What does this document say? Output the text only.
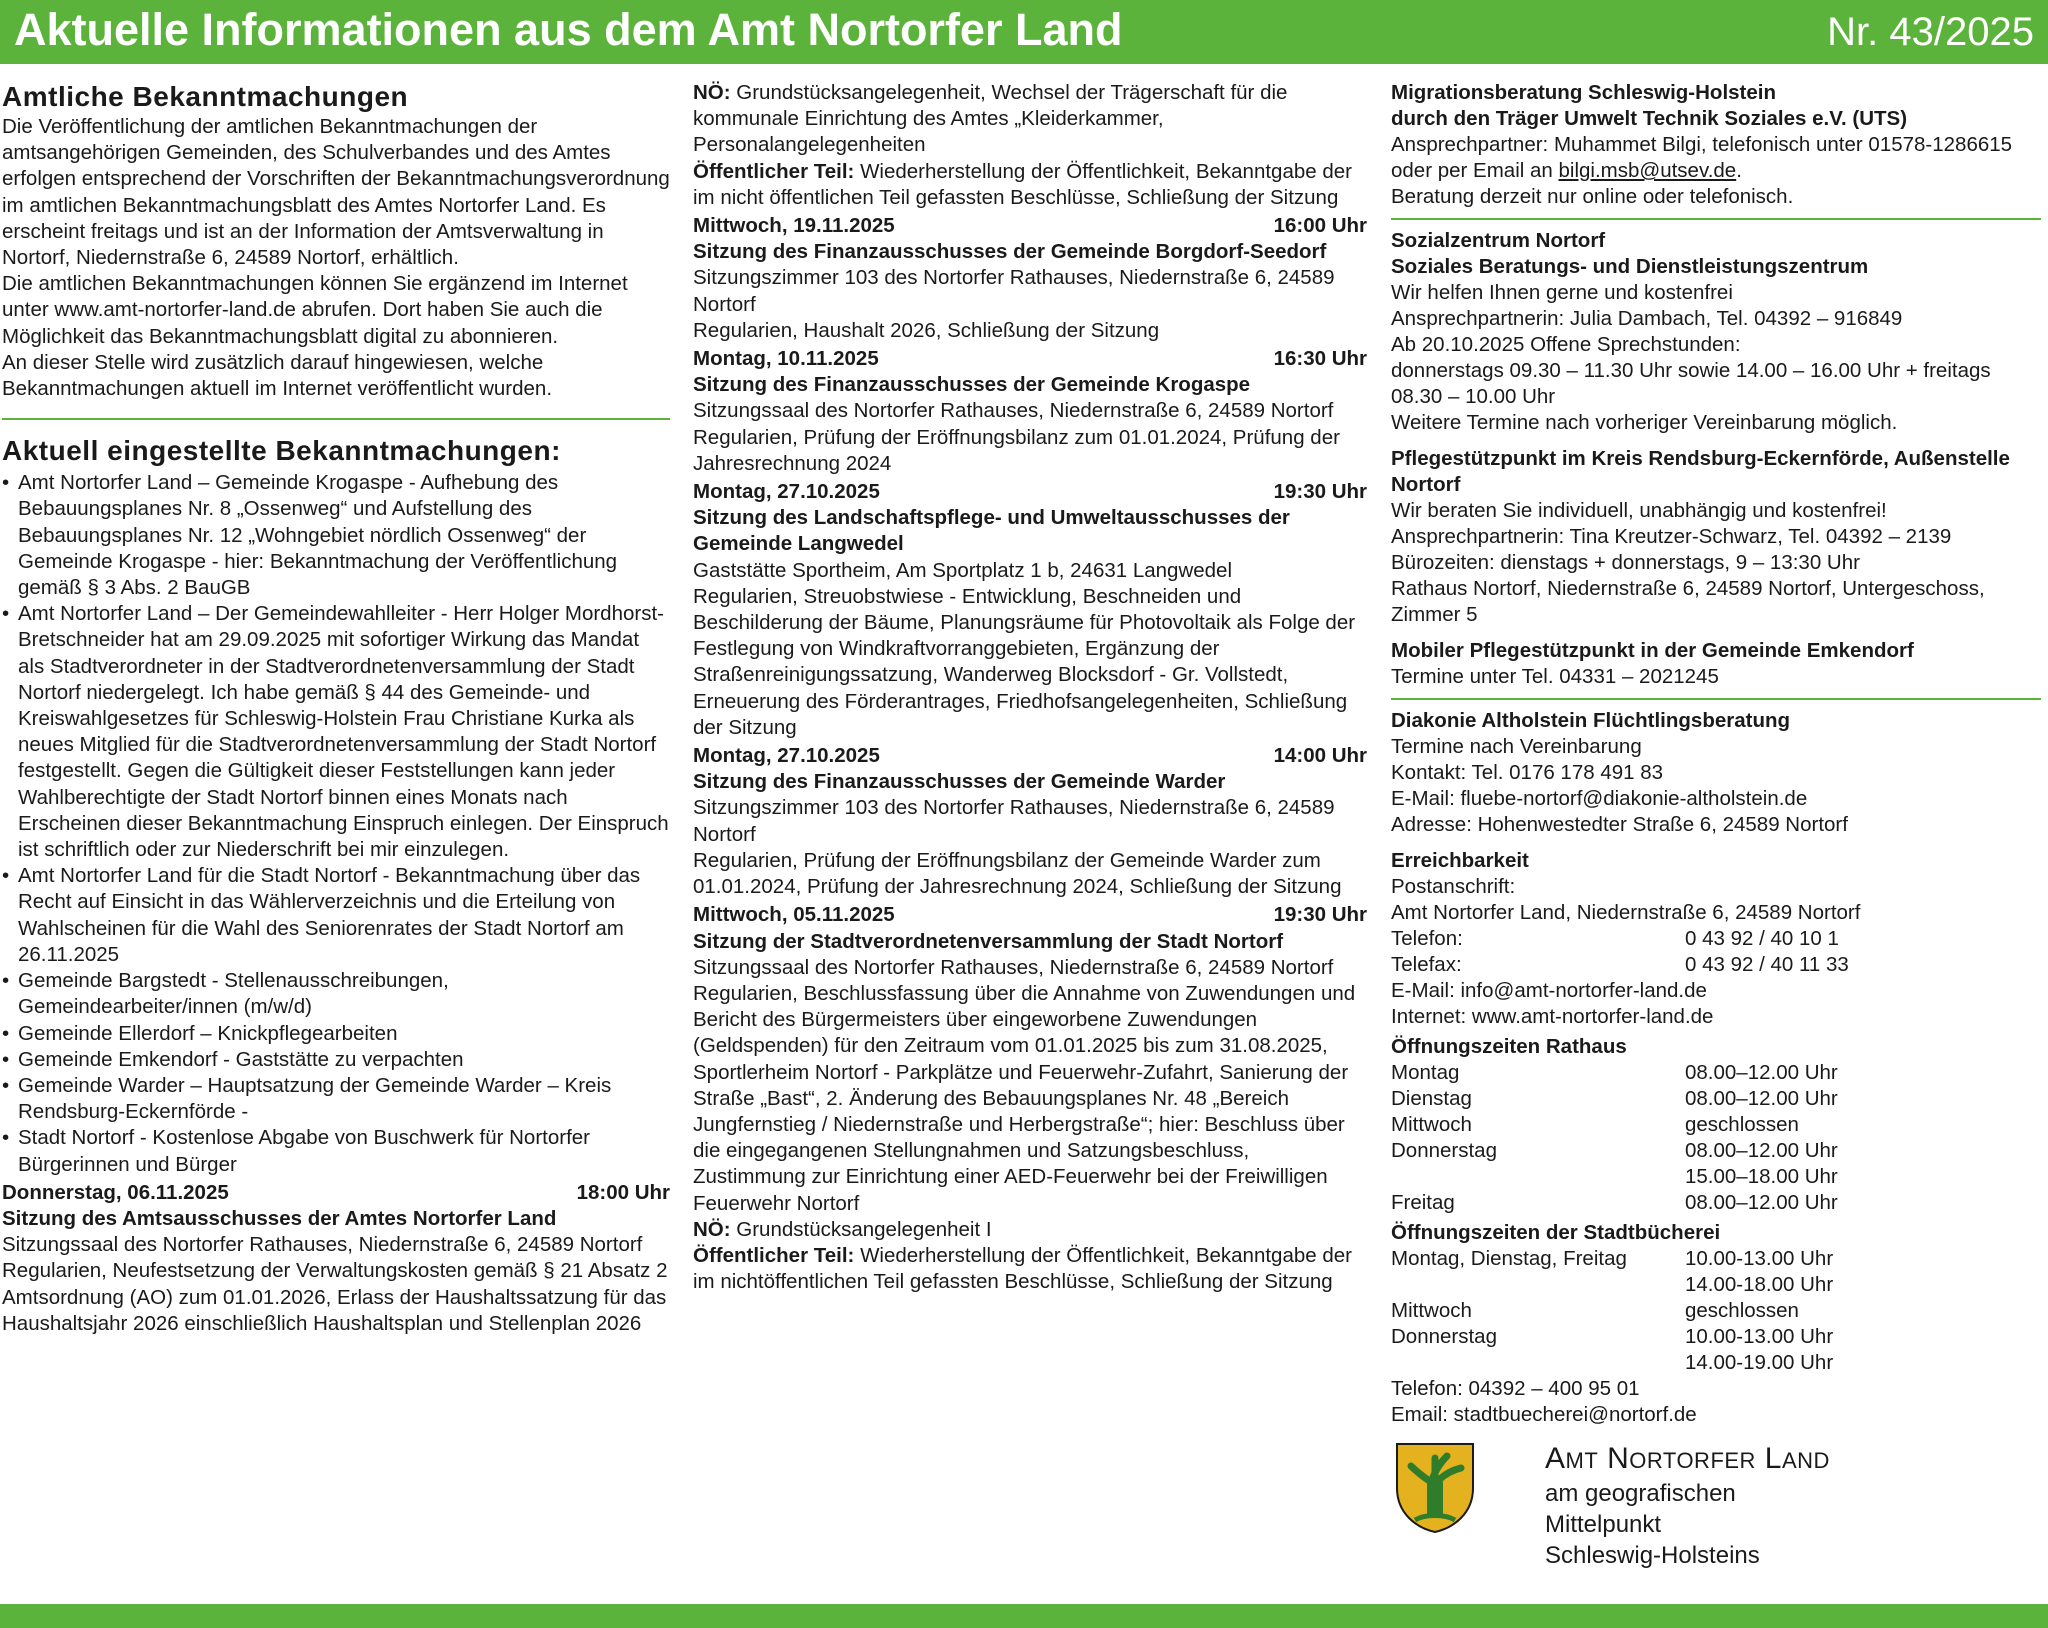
Aktuelle Informationen aus dem Amt Nortorfer Land	Nr. 43/2025
Amtliche Bekanntmachungen

Die Veröffentlichung der amtlichen Bekanntmachungen der amtsangehörigen Gemeinden, des Schulverbandes und des Amtes erfolgen entsprechend der Vorschriften der Bekanntmachungsverordnung im amtlichen Bekanntmachungsblatt des Amtes Nortorfer Land. Es erscheint freitags und ist an der Information der Amtsverwaltung in Nortorf, Niedernstraße 6, 24589 Nortorf, erhältlich.

Die amtlichen Bekanntmachungen können Sie ergänzend im Internet unter www.amt-nortorfer-land.de abrufen. Dort haben Sie auch die Möglichkeit das Bekanntmachungsblatt digital zu abonnieren.

An dieser Stelle wird zusätzlich darauf hingewiesen, welche Bekanntmachungen aktuell im Internet veröffentlicht wurden.

Aktuell eingestellte Bekanntmachungen:
• Amt Nortorfer Land – Gemeinde Krogaspe - Aufhebung des Bebauungsplanes Nr. 8 „Ossenweg“ und Aufstellung des Bebauungsplanes Nr. 12 „Wohngebiet nördlich Ossenweg“ der Gemeinde Krogaspe - hier: Bekanntmachung der Veröffentlichung gemäß § 3 Abs. 2 BauGB
• Amt Nortorfer Land – Der Gemeindewahlleiter - Herr Holger Mordhorst-Bretschneider hat am 29.09.2025 mit sofortiger Wirkung das Mandat als Stadtverordneter in der Stadtverordnetenversammlung der Stadt Nortorf niedergelegt. Ich habe gemäß § 44 des Gemeinde- und Kreiswahlgesetzes für Schleswig-Holstein Frau Christiane Kurka als neues Mitglied für die Stadtverordnetenversammlung der Stadt Nortorf festgestellt. Gegen die Gültigkeit dieser Feststellungen kann jeder Wahlberechtigte der Stadt Nortorf binnen eines Monats nach Erscheinen dieser Bekanntmachung Einspruch einlegen. Der Einspruch ist schriftlich oder zur Niederschrift bei mir einzulegen.
• Amt Nortorfer Land für die Stadt Nortorf - Bekanntmachung über das Recht auf Einsicht in das Wählerverzeichnis und die Erteilung von Wahlscheinen für die Wahl des Seniorenrates der Stadt Nortorf am 26.11.2025
• Gemeinde Bargstedt - Stellenausschreibungen, Gemeindearbeiter/innen (m/w/d)
• Gemeinde Ellerdorf – Knickpflegearbeiten
• Gemeinde Emkendorf - Gaststätte zu verpachten
• Gemeinde Warder – Hauptsatzung der Gemeinde Warder – Kreis Rendsburg-Eckernförde -
• Stadt Nortorf - Kostenlose Abgabe von Buschwerk für Nortorfer Bürgerinnen und Bürger
Donnerstag, 06.11.2025	18:00 Uhr

Sitzung des Amtsausschusses der Amtes Nortorfer Land

Sitzungssaal des Nortorfer Rathauses, Niedernstraße 6, 24589 Nortorf

Regularien, Neufestsetzung der Verwaltungskosten gemäß § 21 Absatz 2 Amtsordnung (AO) zum 01.01.2026, Erlass der Haushaltssatzung für das Haushaltsjahr 2026 einschließlich Haushaltsplan und Stellenplan 2026

NÖ: Grundstücksangelegenheit, Wechsel der Trägerschaft für die kommunale Einrichtung des Amtes „Kleiderkammer, Personalangelegenheiten

Öffentlicher Teil: Wiederherstellung der Öffentlichkeit, Bekanntgabe der im nicht öffentlichen Teil gefassten Beschlüsse, Schließung der Sitzung

Mittwoch, 19.11.2025	16:00 Uhr

Sitzung des Finanzausschusses der Gemeinde Borgdorf-Seedorf

Sitzungszimmer 103 des Nortorfer Rathauses, Niedernstraße 6, 24589 Nortorf

Regularien, Haushalt 2026, Schließung der Sitzung

Montag, 10.11.2025	16:30 Uhr

Sitzung des Finanzausschusses der Gemeinde Krogaspe

Sitzungssaal des Nortorfer Rathauses, Niedernstraße 6, 24589 Nortorf

Regularien, Prüfung der Eröffnungsbilanz zum 01.01.2024, Prüfung der Jahresrechnung 2024

Montag, 27.10.2025	19:30 Uhr

Sitzung des Landschaftspflege- und Umweltausschusses der Gemeinde Langwedel

Gaststätte Sportheim, Am Sportplatz 1 b, 24631 Langwedel

Regularien, Streuobstwiese - Entwicklung, Beschneiden und Beschilderung der Bäume, Planungsräume für Photovoltaik als Folge der Festlegung von Windkraftvorranggebieten, Ergänzung der Straßenreinigungssatzung, Wanderweg Blocksdorf - Gr. Vollstedt, Erneuerung des Förderantrages, Friedhofsangelegenheiten, Schließung der Sitzung

Montag, 27.10.2025	14:00 Uhr

Sitzung des Finanzausschusses der Gemeinde Warder

Sitzungszimmer 103 des Nortorfer Rathauses, Niedernstraße 6, 24589 Nortorf

Regularien, Prüfung der Eröffnungsbilanz der Gemeinde Warder zum 01.01.2024, Prüfung der Jahresrechnung 2024, Schließung der Sitzung

Mittwoch, 05.11.2025	19:30 Uhr

Sitzung der Stadtverordnetenversammlung der Stadt Nortorf

Sitzungssaal des Nortorfer Rathauses, Niedernstraße 6, 24589 Nortorf

Regularien, Beschlussfassung über die Annahme von Zuwendungen und Bericht des Bürgermeisters über eingeworbene Zuwendungen (Geldspenden) für den Zeitraum vom 01.01.2025 bis zum 31.08.2025, Sportlerheim Nortorf - Parkplätze und Feuerwehr-Zufahrt, Sanierung der Straße „Bast“, 2. Änderung des Bebauungsplanes Nr. 48 „Bereich Jungfernstieg / Niedernstraße und Herbergstraße“; hier: Beschluss über die eingegangenen Stellungnahmen und Satzungsbeschluss, Zustimmung zur Einrichtung einer AED-Feuerwehr bei der Freiwilligen Feuerwehr Nortorf

NÖ: Grundstücksangelegenheit I

Öffentlicher Teil: Wiederherstellung der Öffentlichkeit, Bekanntgabe der im nichtöffentlichen Teil gefassten Beschlüsse, Schließung der Sitzung

Migrationsberatung Schleswig-Holstein

durch den Träger Umwelt Technik Soziales e.V. (UTS)

Ansprechpartner: Muhammet Bilgi, telefonisch unter 01578-1286615 oder per Email an bilgi.msb@utsev.de.

Beratung derzeit nur online oder telefonisch.

Sozialzentrum Nortorf

Soziales Beratungs- und Dienstleistungszentrum

Wir helfen Ihnen gerne und kostenfrei

Ansprechpartnerin: Julia Dambach, Tel. 04392 – 916849

Ab 20.10.2025 Offene Sprechstunden:

donnerstags 09.30 – 11.30 Uhr sowie 14.00 – 16.00 Uhr + freitags 08.30 – 10.00 Uhr

Weitere Termine nach vorheriger Vereinbarung möglich.

Pflegestützpunkt im Kreis Rendsburg-Eckernförde, Außenstelle Nortorf

Wir beraten Sie individuell, unabhängig und kostenfrei!

Ansprechpartnerin: Tina Kreutzer-Schwarz, Tel. 04392 – 2139

Bürozeiten: dienstags + donnerstags, 9 – 13:30 Uhr

Rathaus Nortorf, Niedernstraße 6, 24589 Nortorf, Untergeschoss, Zimmer 5

Mobiler Pflegestützpunkt in der Gemeinde Emkendorf

Termine unter Tel. 04331 – 2021245

Diakonie Altholstein Flüchtlingsberatung

Termine nach Vereinbarung

Kontakt: Tel. 0176 178 491 83

E-Mail: fluebe-nortorf@diakonie-altholstein.de

Adresse: Hohenwestedter Straße 6, 24589 Nortorf

Erreichbarkeit

Postanschrift:

Amt Nortorfer Land, Niedernstraße 6, 24589 Nortorf

Telefon:	0 43 92 / 40 10 1
Telefax:	0 43 92 / 40 11 33

E-Mail: info@amt-nortorfer-land.de

Internet: www.amt-nortorfer-land.de

Öffnungszeiten Rathaus

Montag	08.00–12.00 Uhr
Dienstag	08.00–12.00 Uhr
Mittwoch	geschlossen
Donnerstag	08.00–12.00 Uhr
15.00–18.00 Uhr
Freitag	08.00–12.00 Uhr

Öffnungszeiten der Stadtbücherei

Montag, Dienstag, Freitag	10.00-13.00 Uhr
14.00-18.00 Uhr
Mittwoch	geschlossen
Donnerstag	10.00-13.00 Uhr
14.00-19.00 Uhr

Telefon: 04392 – 400 95 01

Email: stadtbuecherei@nortorf.de

AMT NORTORFER LAND
am geografischen
Mittelpunkt
Schleswig-Holsteins
